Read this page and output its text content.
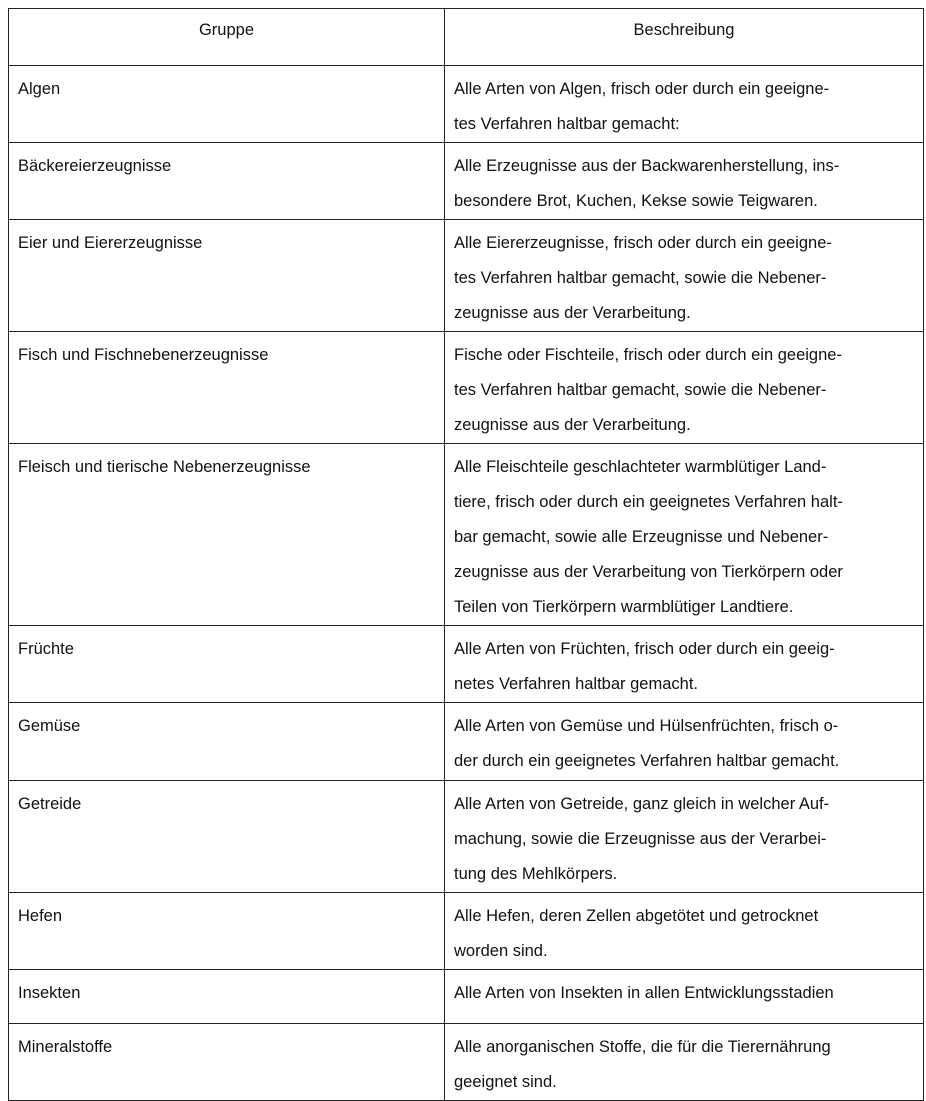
Gruppe	Beschreibung

Algen	Alle Arten von Algen, frisch oder durch ein geeigne-
tes Verfahren haltbar gemacht:

Bäckereierzeugnisse	Alle Erzeugnisse aus der Backwarenherstellung, ins-
besondere Brot, Kuchen, Kekse sowie Teigwaren.

Eier und Eiererzeugnisse	Alle Eiererzeugnisse, frisch oder durch ein geeigne-
tes Verfahren haltbar gemacht, sowie die Nebener-
zeugnisse aus der Verarbeitung.

Fisch und Fischnebenerzeugnisse	Fische oder Fischteile, frisch oder durch ein geeigne-
tes Verfahren haltbar gemacht, sowie die Nebener-
zeugnisse aus der Verarbeitung.

Fleisch und tierische Nebenerzeugnisse	Alle Fleischteile geschlachteter warmblütiger Land-
tiere, frisch oder durch ein geeignetes Verfahren halt-
bar gemacht, sowie alle Erzeugnisse und Nebener-
zeugnisse aus der Verarbeitung von Tierkörpern oder
Teilen von Tierkörpern warmblütiger Landtiere.

Früchte	Alle Arten von Früchten, frisch oder durch ein geeig-
netes Verfahren haltbar gemacht.

Gemüse	Alle Arten von Gemüse und Hülsenfrüchten, frisch o-
der durch ein geeignetes Verfahren haltbar gemacht.

Getreide	Alle Arten von Getreide, ganz gleich in welcher Auf-
machung, sowie die Erzeugnisse aus der Verarbei-
tung des Mehlkörpers.

Hefen	Alle Hefen, deren Zellen abgetötet und getrocknet
worden sind.

Insekten	Alle Arten von Insekten in allen Entwicklungsstadien

Mineralstoffe	Alle anorganischen Stoffe, die für die Tierernährung
geeignet sind.
